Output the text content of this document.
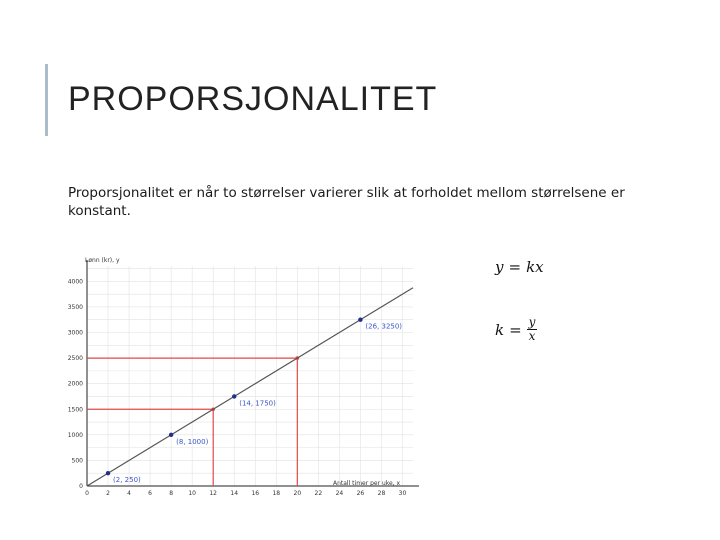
PROPORSJONALITET
Proporsjonalitet er når to størrelser varierer slik at forholdet mellom størrelsene er konstant.
Lønn (kr), y
Antall timer per uke, x
0	2	4	6	8	10 12 14 16 18 20 22 24 26 28 30
0
500
1000
1500
2000
2500
3000
3500
4000
(2, 250)
(8, 1000)
(14, 1750)
(26, 3250)
y = kx
$k = \frac{y}{x}$
